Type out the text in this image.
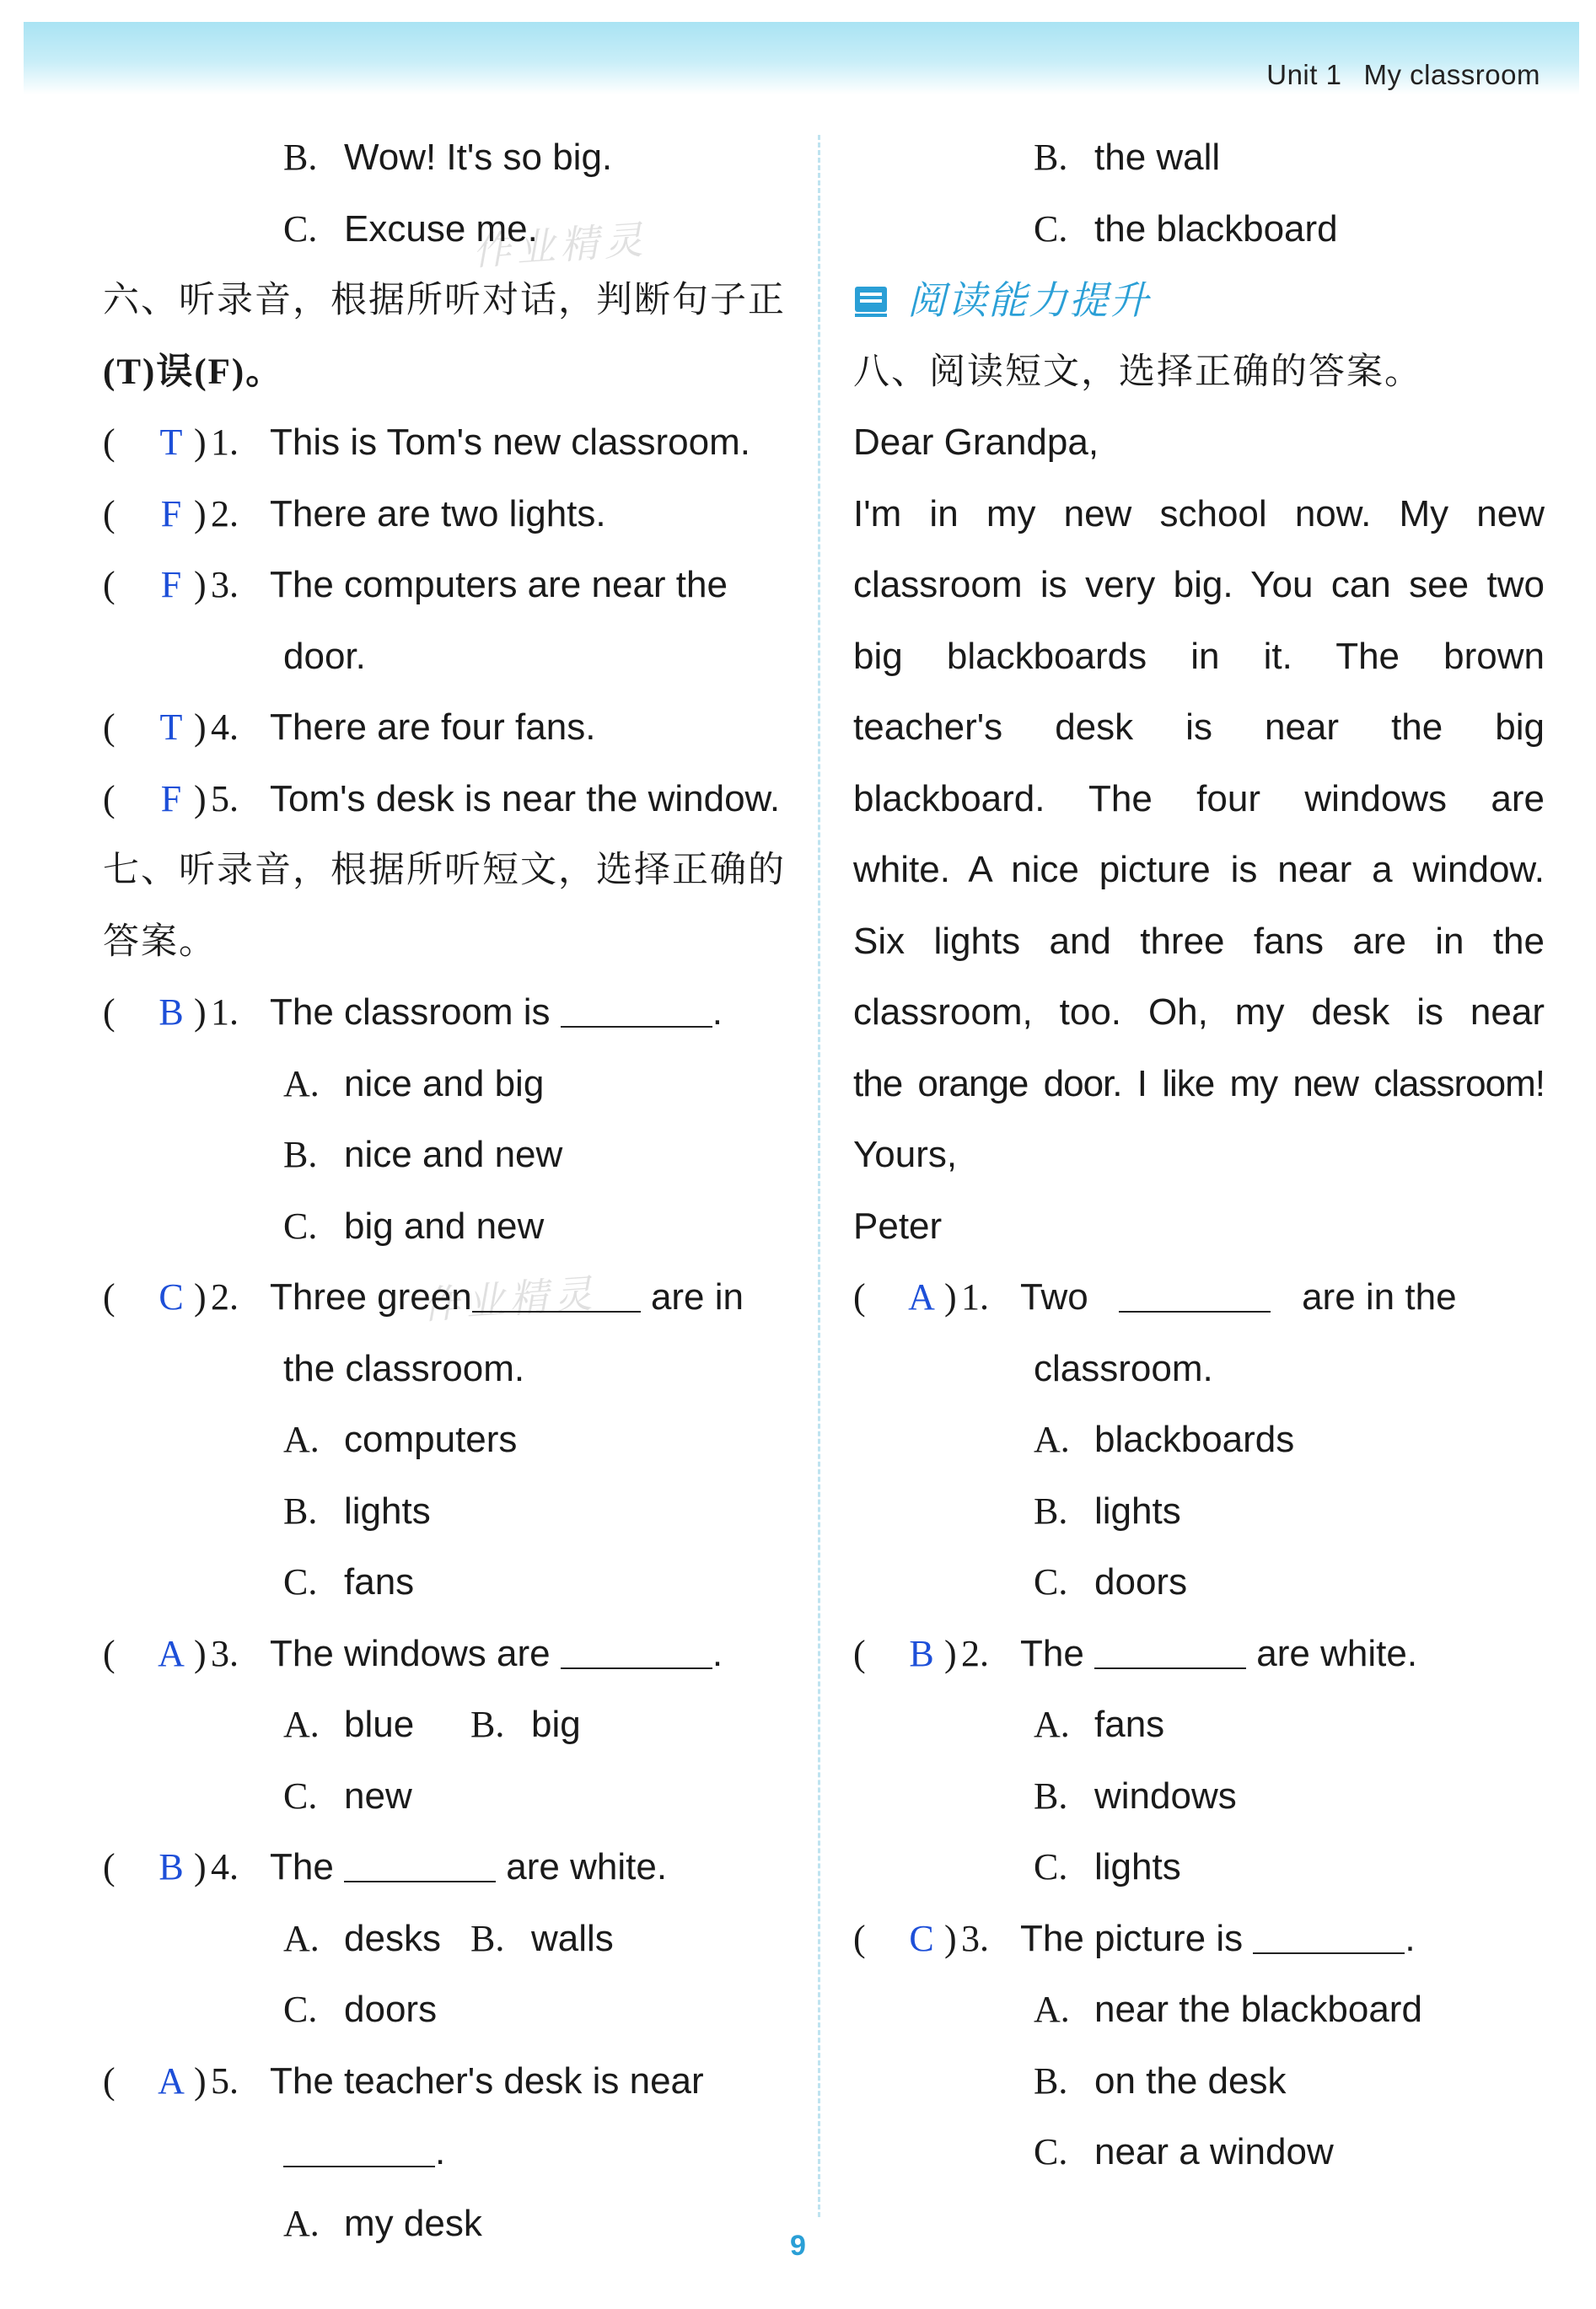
Unit 1 My classroom
作业精灵
作业精灵
B. Wow! It's so big.
C. Excuse me.
六、听录音，根据所听对话，判断句子正
(T)误(F)。
( T ) 1. This is Tom's new classroom.
( F ) 2. There are two lights.
( F ) 3. The computers are near the
door.
( T ) 4. There are four fans.
( F ) 5. Tom's desk is near the window.
七、听录音，根据所听短文，选择正确的
答案。
( B ) 1. The classroom is	.
A. nice and big
B. nice and new
C. big and new
( C ) 2. Three green	are in
the classroom.
A. computers
B. lights
C. fans
( A ) 3. The windows are	.
A. blue B. big
C. new
( B ) 4. The	are white.
A. desks B. walls
C. doors
( A ) 5. The teacher's desk is near
.
A. my desk
B. the wall
C. the blackboard
阅读能力提升
八、阅读短文，选择正确的答案。
Dear Grandpa,
I'm in my new school now. My new
classroom is very big. You can see two
big blackboards in it. The brown
teacher's desk is near the big
blackboard. The four windows are
white. A nice picture is near a window.
Six lights and three fans are in the
classroom, too. Oh, my desk is near
the orange door. I like my new classroom!
Yours,
Peter
( A ) 1. Two	are in the
classroom.
A. blackboards
B. lights
C. doors
( B ) 2. The	are white.
A. fans
B. windows
C. lights
( C ) 3. The picture is	.
A. near the blackboard
B. on the desk
C. near a window
9
